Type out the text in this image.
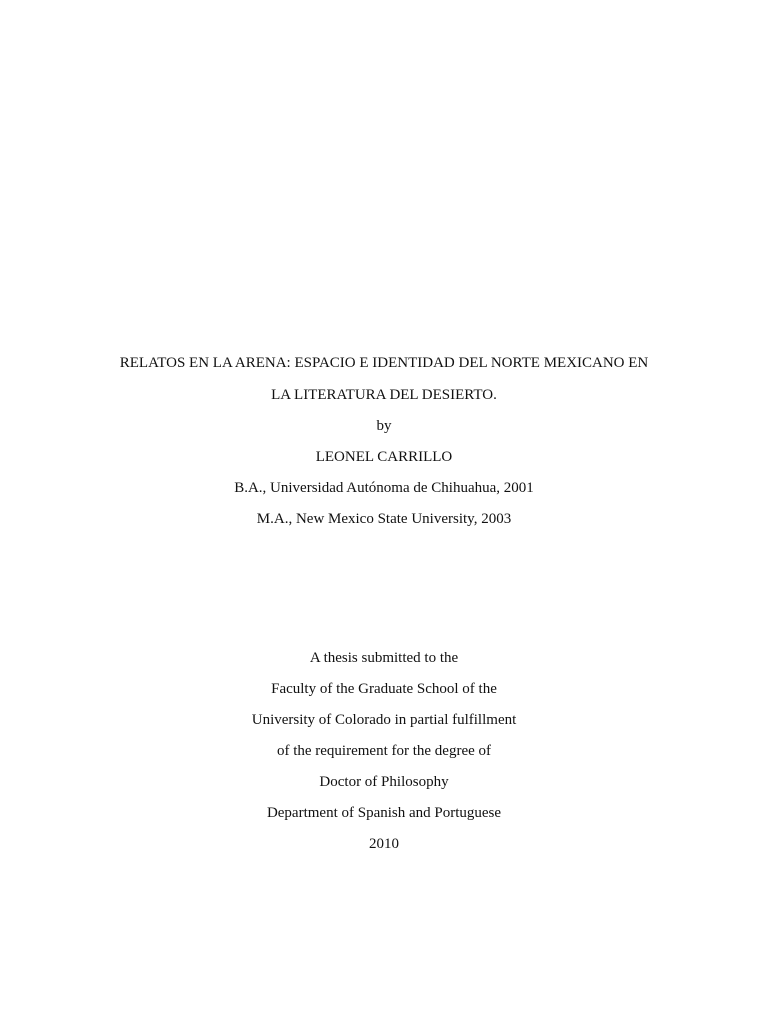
RELATOS EN LA ARENA: ESPACIO E IDENTIDAD DEL NORTE MEXICANO EN
LA LITERATURA DEL DESIERTO.
by
LEONEL CARRILLO
B.A., Universidad Autónoma de Chihuahua, 2001
M.A., New Mexico State University, 2003
A thesis submitted to the
Faculty of the Graduate School of the
University of Colorado in partial fulfillment
of the requirement for the degree of
Doctor of Philosophy
Department of Spanish and Portuguese
2010
